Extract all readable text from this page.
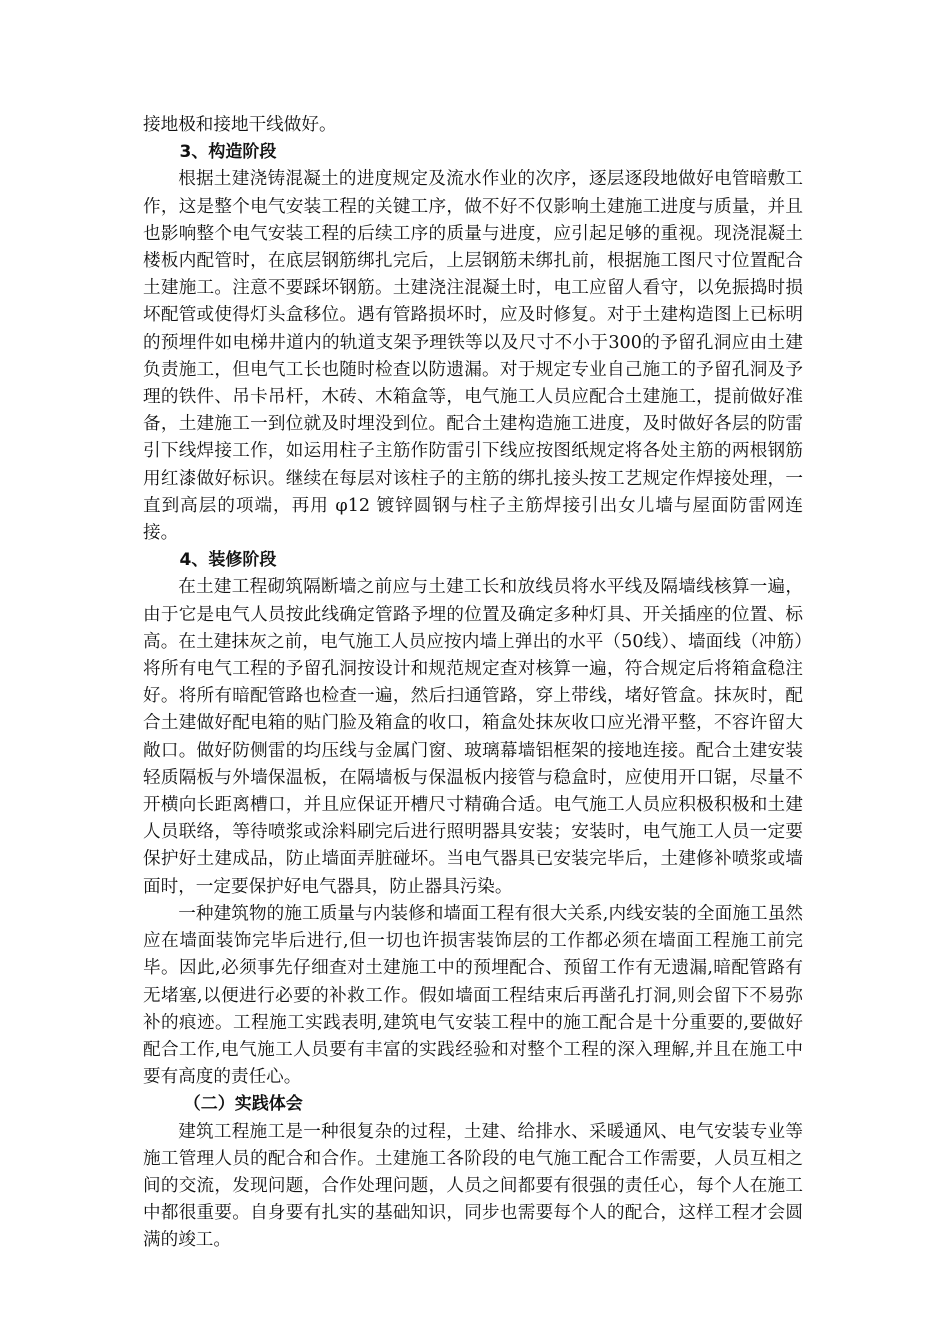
接地极和接地干线做好。

3、构造阶段

根据土建浇铸混凝土的进度规定及流水作业的次序，逐层逐段地做好电管暗敷工作，这是整个电气安装工程的关键工序，做不好不仅影响土建施工进度与质量，并且也影响整个电气安装工程的后续工序的质量与进度，应引起足够的重视。现浇混凝土楼板内配管时，在底层钢筋绑扎完后，上层钢筋未绑扎前，根据施工图尺寸位置配合土建施工。注意不要踩坏钢筋。土建浇注混凝土时，电工应留人看守，以免振捣时损坏配管或使得灯头盒移位。遇有管路损坏时，应及时修复。对于土建构造图上已标明的预埋件如电梯井道内的轨道支架予理铁等以及尺寸不小于300的予留孔洞应由土建负责施工，但电气工长也随时检查以防遗漏。对于规定专业自己施工的予留孔洞及予理的铁件、吊卡吊杆，木砖、木箱盒等，电气施工人员应配合土建施工，提前做好准备，土建施工一到位就及时埋没到位。配合土建构造施工进度，及时做好各层的防雷引下线焊接工作，如运用柱子主筋作防雷引下线应按图纸规定将各处主筋的两根钢筋用红漆做好标识。继续在每层对该柱子的主筋的绑扎接头按工艺规定作焊接处理，一直到高层的项端，再用 φ12 镀锌圆钢与柱子主筋焊接引出女儿墙与屋面防雷网连接。

4、装修阶段

在土建工程砌筑隔断墙之前应与土建工长和放线员将水平线及隔墙线核算一遍，由于它是电气人员按此线确定管路予埋的位置及确定多种灯具、开关插座的位置、标高。在土建抹灰之前，电气施工人员应按内墙上弹出的水平（50线）、墙面线（冲筋）将所有电气工程的予留孔洞按设计和规范规定查对核算一遍，符合规定后将箱盒稳注好。将所有暗配管路也检查一遍，然后扫通管路，穿上带线，堵好管盒。抹灰时，配合土建做好配电箱的贴门脸及箱盒的收口，箱盒处抹灰收口应光滑平整，不容许留大敞口。做好防侧雷的均压线与金属门窗、玻璃幕墙铝框架的接地连接。配合土建安装轻质隔板与外墙保温板，在隔墙板与保温板内接管与稳盒时，应使用开口锯，尽量不开横向长距离槽口，并且应保证开槽尺寸精确合适。电气施工人员应积极积极和土建人员联络，等待喷浆或涂料刷完后进行照明器具安装；安装时，电气施工人员一定要保护好土建成品，防止墙面弄脏碰坏。当电气器具已安装完毕后，土建修补喷浆或墙面时，一定要保护好电气器具，防止器具污染。

一种建筑物的施工质量与内装修和墙面工程有很大关系,内线安装的全面施工虽然应在墙面装饰完毕后进行,但一切也许损害装饰层的工作都必须在墙面工程施工前完毕。因此,必须事先仔细查对土建施工中的预埋配合、预留工作有无遗漏,暗配管路有无堵塞,以便进行必要的补救工作。假如墙面工程结束后再凿孔打洞,则会留下不易弥补的痕迹。工程施工实践表明,建筑电气安装工程中的施工配合是十分重要的,要做好配合工作,电气施工人员要有丰富的实践经验和对整个工程的深入理解,并且在施工中要有高度的责任心。

（二）实践体会

建筑工程施工是一种很复杂的过程，土建、给排水、采暖通风、电气安装专业等施工管理人员的配合和合作。土建施工各阶段的电气施工配合工作需要，人员互相之间的交流，发现问题，合作处理问题，人员之间都要有很强的责任心，每个人在施工中都很重要。自身要有扎实的基础知识，同步也需要每个人的配合，这样工程才会圆满的竣工。
